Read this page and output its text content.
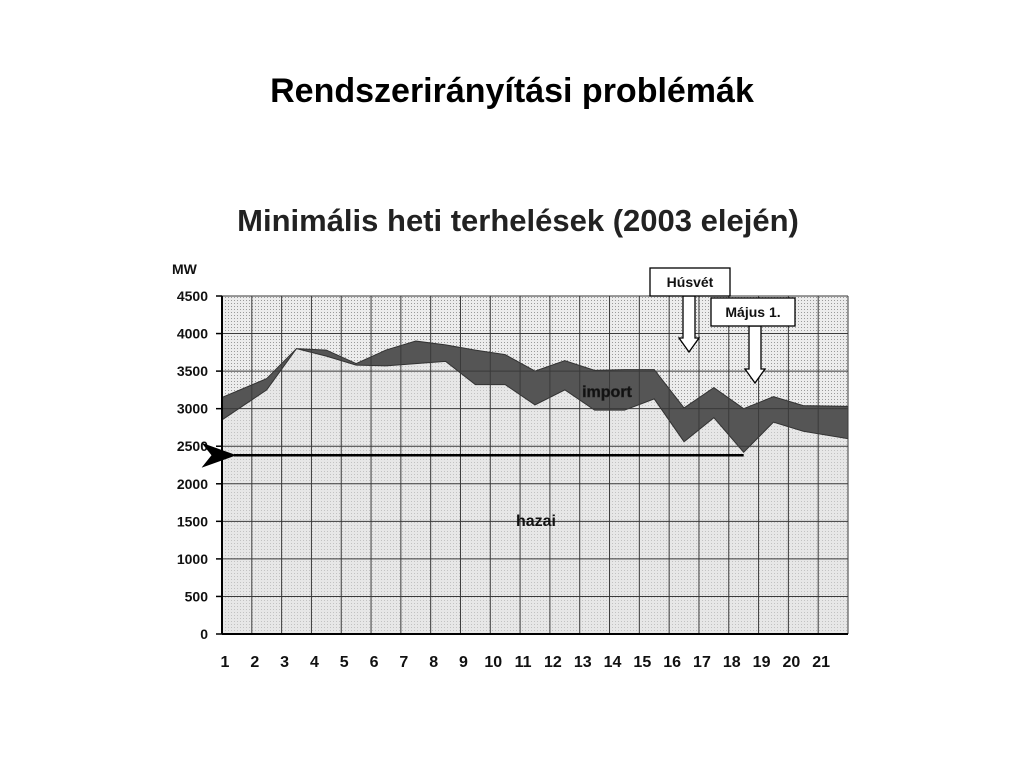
Rendszerirányítási problémák
Minimális heti terhelések (2003 elején)
MW
0
500
1000
1500
2000
2500
3000
3500
4000
4500
1 2 3 4 5 6 7 8 9 10 11 12 13 14 15 16 17 18 19 20 21
import
hazai
Húsvét
Május 1.
